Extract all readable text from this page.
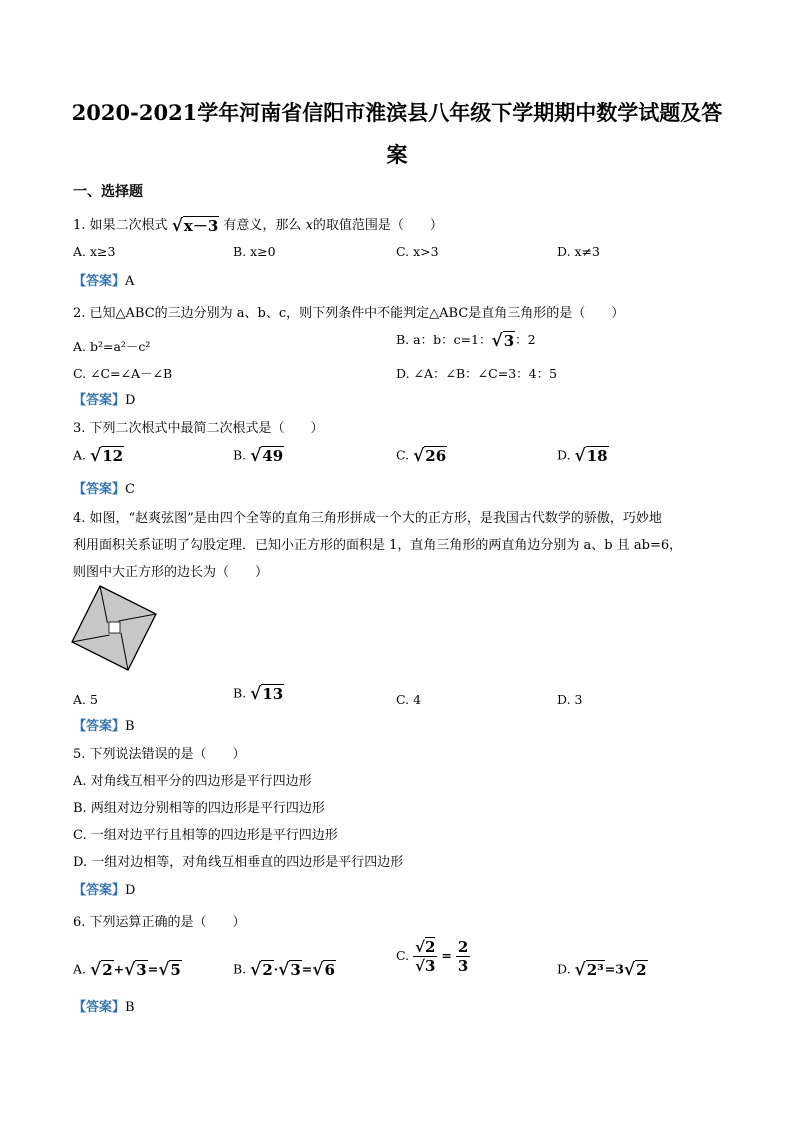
2020-2021学年河南省信阳市淮滨县八年级下学期期中数学试题及答
案
一、选择题
1. 如果二次根式 √x－3 有意义，那么 x的取值范围是（　　）
A. x≥3	B. x≥0	C. x>3	D. x≠3
【答案】A
2. 已知△ABC的三边分别为 a、b、c，则下列条件中不能判定△ABC是直角三角形的是（　　）
A. b²=a²－c²	B. a：b：c=1：√3：2
C. ∠C=∠A－∠B	D. ∠A：∠B：∠C=3：4：5
【答案】D
3. 下列二次根式中最简二次根式是（　　）
A. √12	B. √49	C. √26	D. √18
【答案】C
4. 如图，“赵爽弦图”是由四个全等的直角三角形拼成一个大的正方形，是我国古代数学的骄傲，巧妙地
利用面积关系证明了勾股定理．已知小正方形的面积是 1，直角三角形的两直角边分别为 a、b 且 ab=6，
则图中大正方形的边长为（　　）
A. 5	B. √13	C. 4	D. 3
【答案】B
5. 下列说法错误的是（　　）
A. 对角线互相平分的四边形是平行四边形
B. 两组对边分别相等的四边形是平行四边形
C. 一组对边平行且相等的四边形是平行四边形
D. 一组对边相等，对角线互相垂直的四边形是平行四边形
【答案】D
6. 下列运算正确的是（　　）
A. √2+√3=√5	B. √2·√3=√6
C. $\frac{√2}{√3} = \frac{2}{3}$	D. √2³=3√2
【答案】B
